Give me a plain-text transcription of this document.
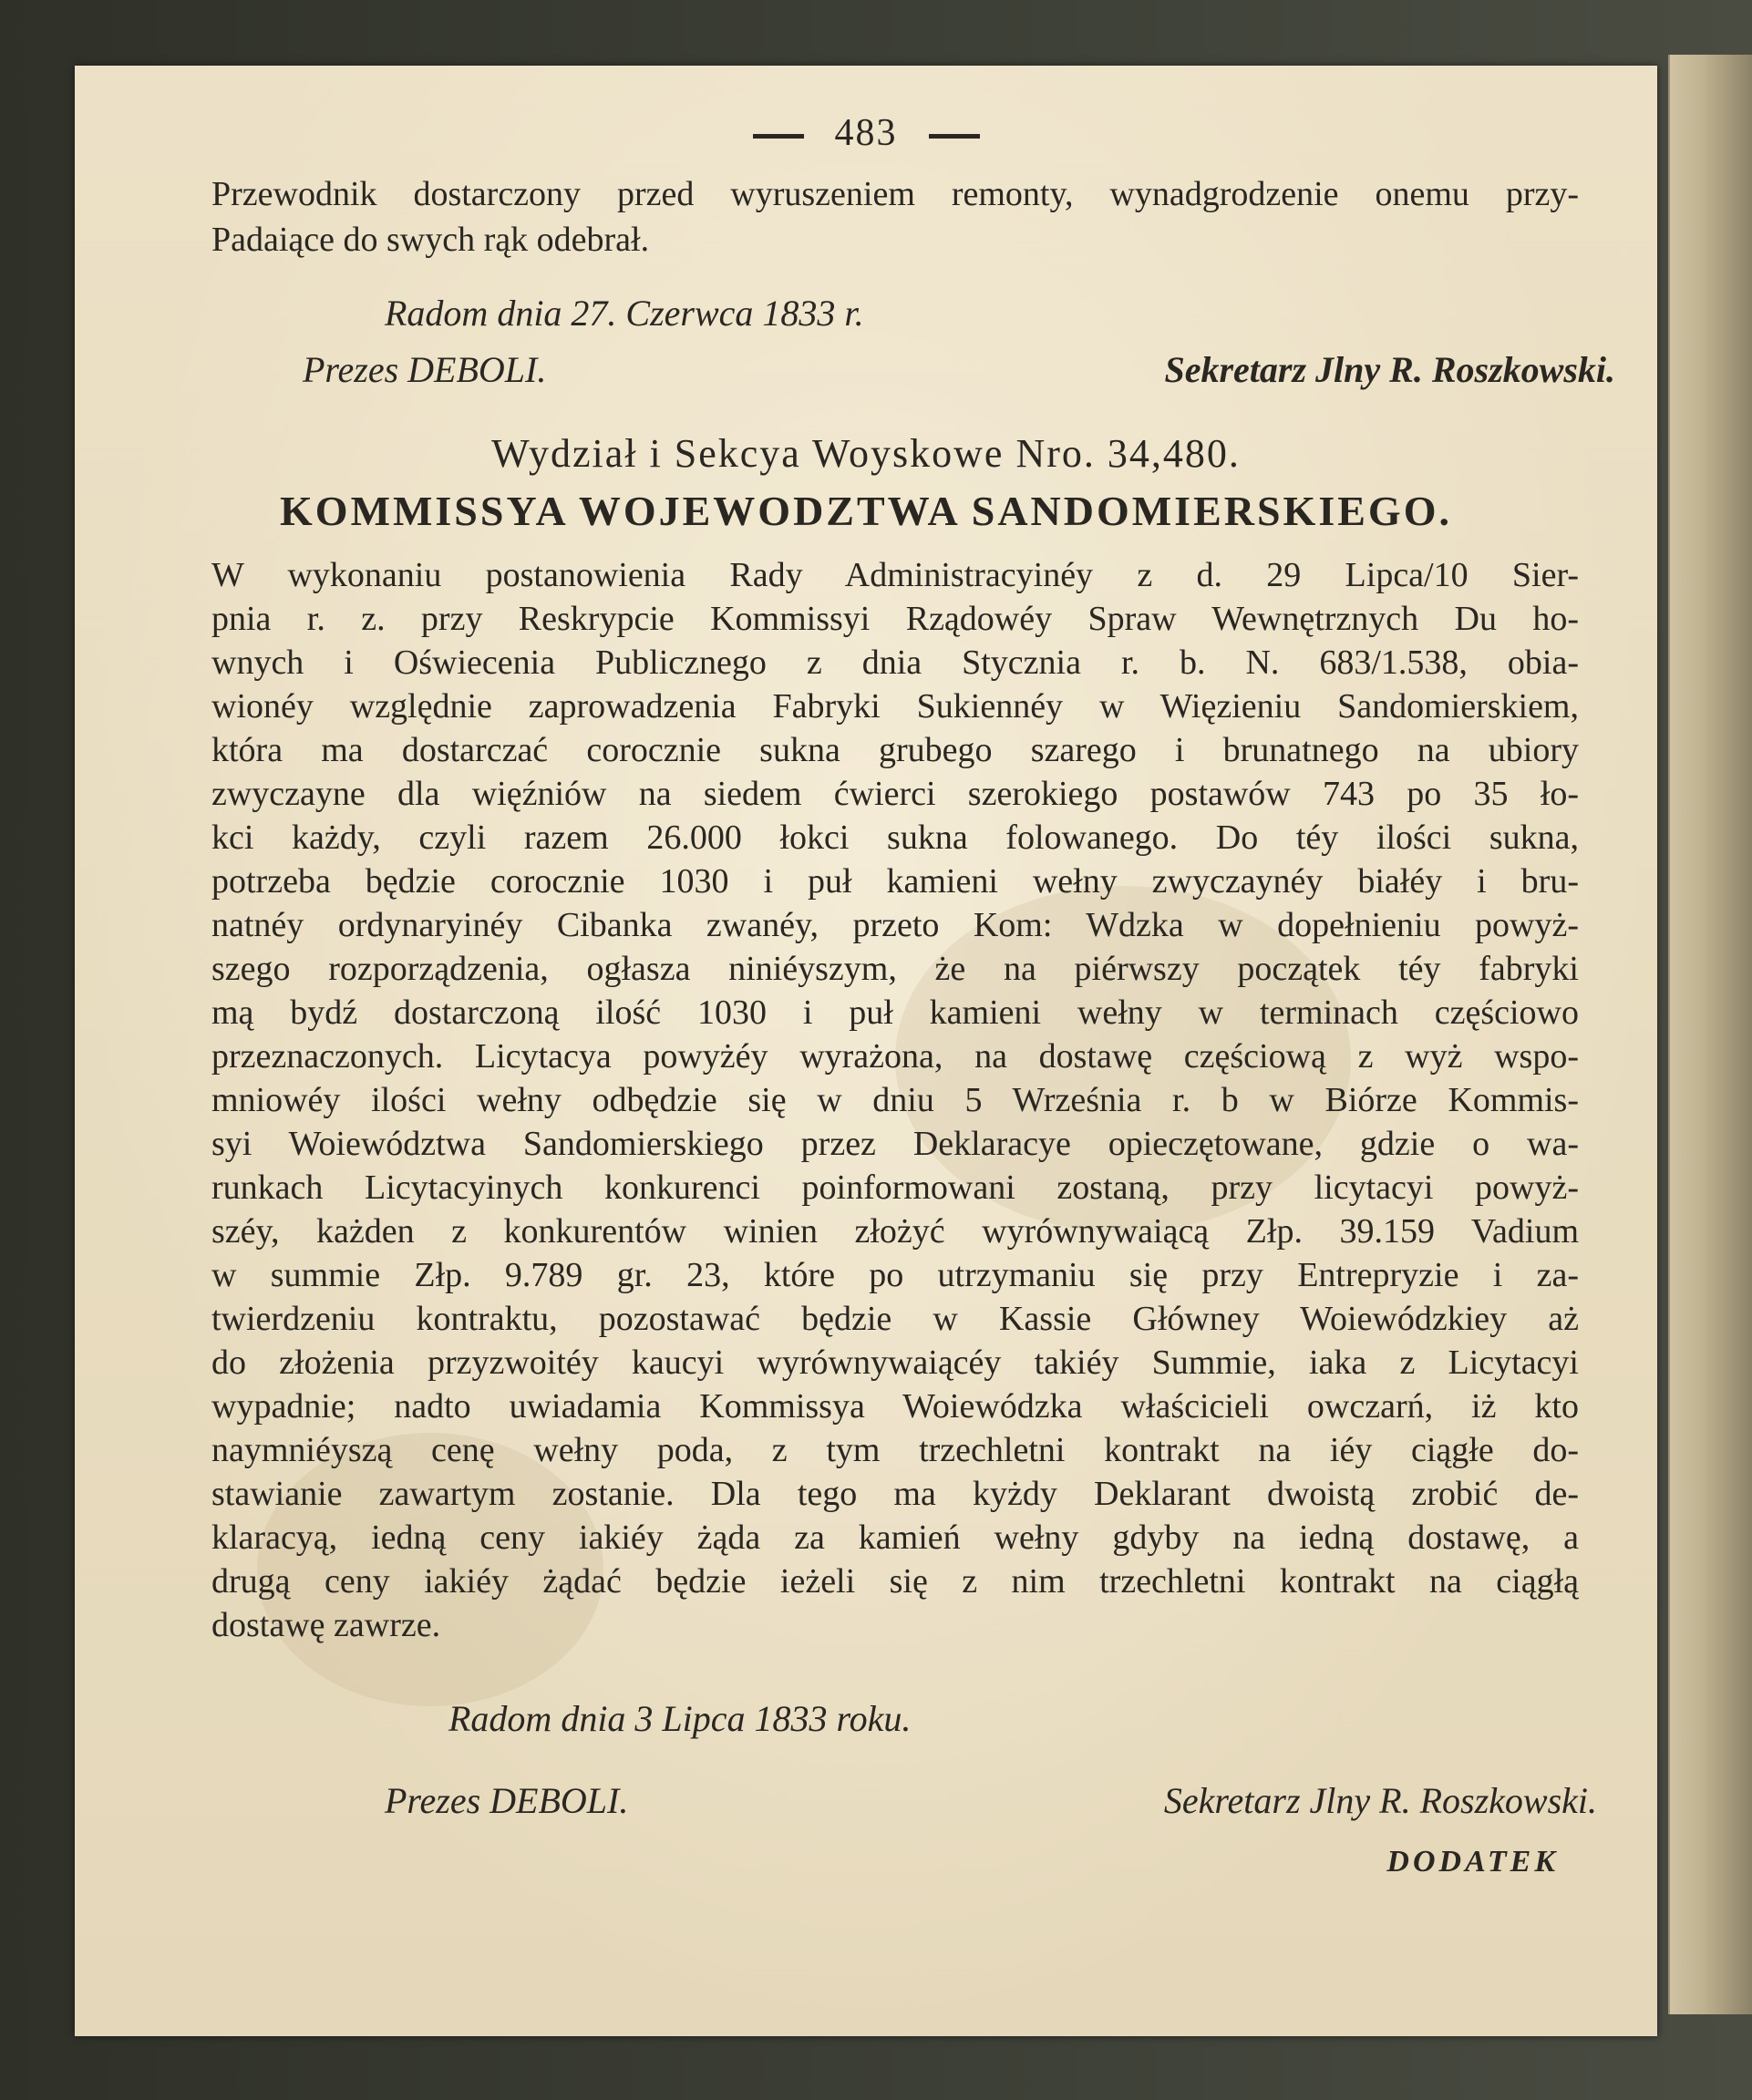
483
Przewodnik dostarczony przed wyruszeniem remonty, wynadgrodzenie onemu przy-
Padaiące do swych rąk odebrał.
Radom dnia 27. Czerwca 1833 r.
Prezes DEBOLI.	Sekretarz Jlny R. Roszkowski.
Wydział i Sekcya Woyskowe Nro. 34,480.
KOMMISSYA WOJEWODZTWA SANDOMIERSKIEGO.
W wykonaniu postanowienia Rady Administracyinéy z d. 29 Lipca/10 Sier-
pnia r. z. przy Reskrypcie Kommissyi Rządowéy Spraw Wewnętrznych Du ho-
wnych i Oświecenia Publicznego z dnia Stycznia r. b. N. 683/1.538, obia-
wionéy względnie zaprowadzenia Fabryki Sukiennéy w Więzieniu Sandomierskiem,
która ma dostarczać corocznie sukna grubego szarego i brunatnego na ubiory
zwyczayne dla więźniów na siedem ćwierci szerokiego postawów 743 po 35 ło-
kci każdy, czyli razem 26.000 łokci sukna folowanego. Do téy ilości sukna,
potrzeba będzie corocznie 1030 i puł kamieni wełny zwyczaynéy białéy i bru-
natnéy ordynaryinéy Cibanka zwanéy, przeto Kom: Wdzka w dopełnieniu powyż-
szego rozporządzenia, ogłasza niniéyszym, że na piérwszy początek téy fabryki
mą bydź dostarczoną ilość 1030 i puł kamieni wełny w terminach częściowo
przeznaczonych. Licytacya powyżéy wyrażona, na dostawę częściową z wyż wspo-
mniowéy ilości wełny odbędzie się w dniu 5 Września r. b w Biórze Kommis-
syi Woiewództwa Sandomierskiego przez Deklaracye opieczętowane, gdzie o wa-
runkach Licytacyinych konkurenci poinformowani zostaną, przy licytacyi powyż-
széy, każden z konkurentów winien złożyć wyrównywaiącą Złp. 39.159 Vadium
w summie Złp. 9.789 gr. 23, które po utrzymaniu się przy Entrepryzie i za-
twierdzeniu kontraktu, pozostawać będzie w Kassie Główney Woiewódzkiey aż
do złożenia przyzwoitéy kaucyi wyrównywaiącéy takiéy Summie, iaka z Licytacyi
wypadnie; nadto uwiadamia Kommissya Woiewódzka właścicieli owczarń, iż kto
naymniéyszą cenę wełny poda, z tym trzechletni kontrakt na iéy ciągłe do-
stawianie zawartym zostanie. Dla tego ma kyżdy Deklarant dwoistą zrobić de-
klaracyą, iedną ceny iakiéy żąda za kamień wełny gdyby na iedną dostawę, a
drugą ceny iakiéy żądać będzie ieżeli się z nim trzechletni kontrakt na ciągłą
dostawę zawrze.
Radom dnia 3 Lipca 1833 roku.
Prezes DEBOLI.	Sekretarz Jlny R. Roszkowski.
DODATEK
